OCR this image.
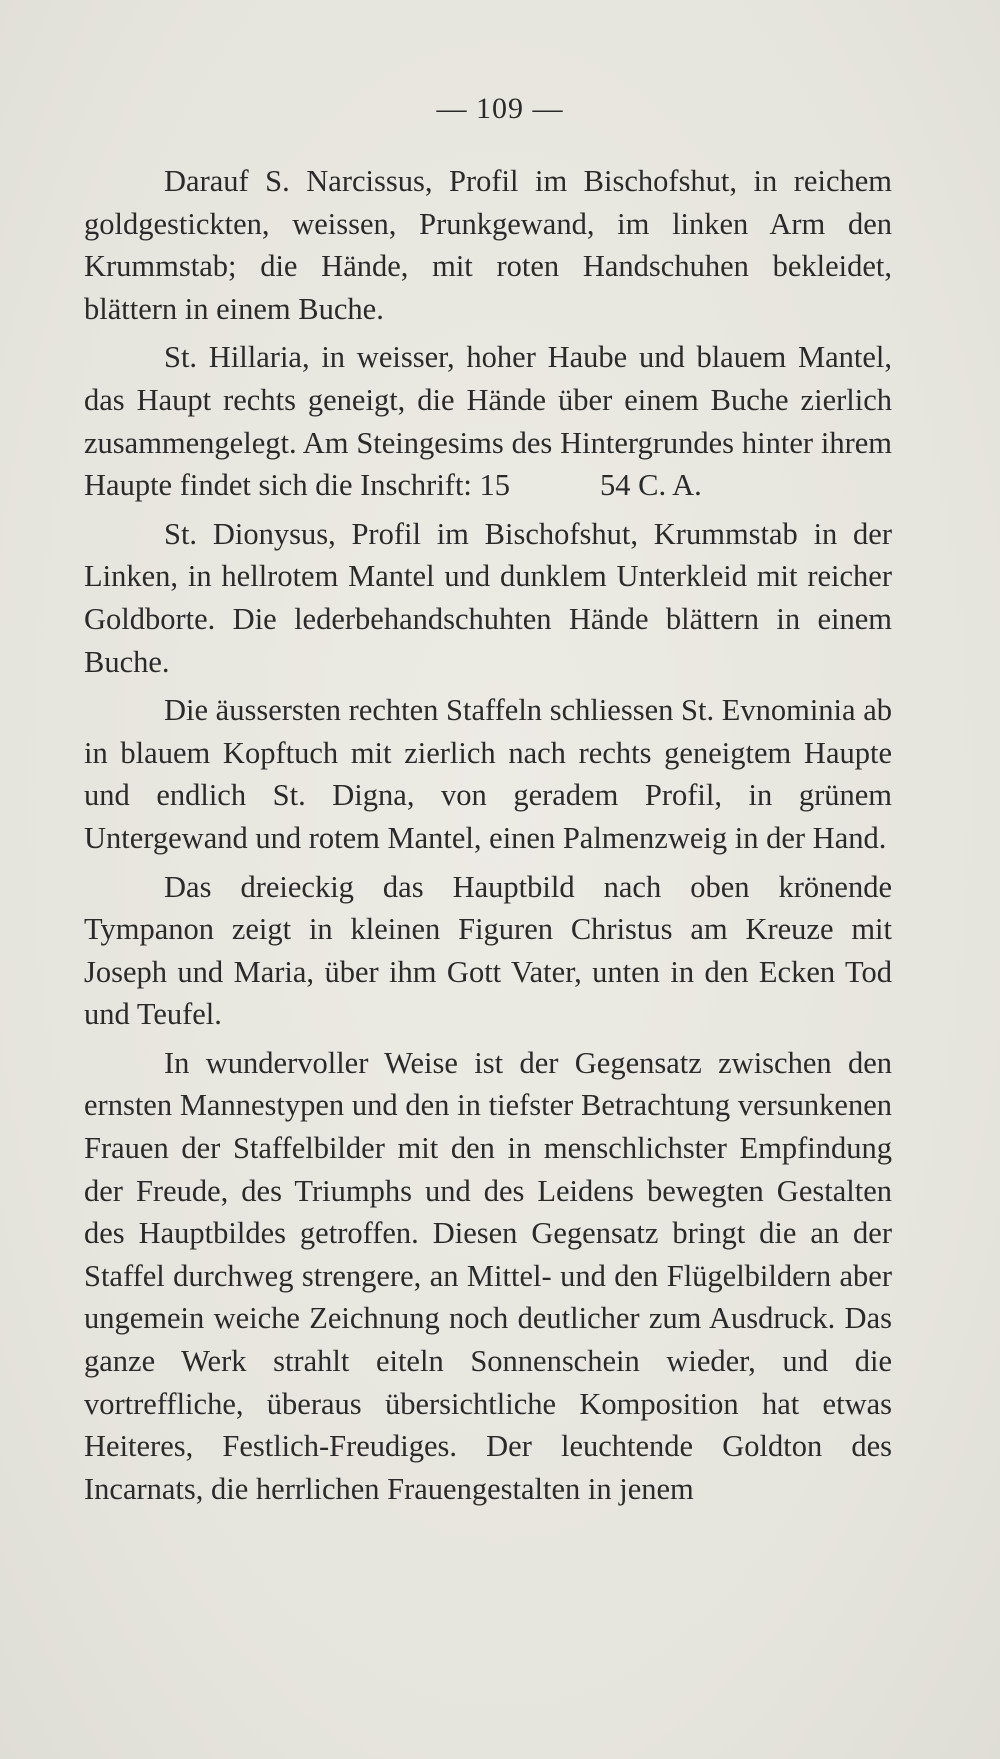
— 109 —

Darauf S. Narcissus, Profil im Bischofshut, in reichem goldgestickten, weissen, Prunkgewand, im linken Arm den Krummstab; die Hände, mit roten Handschuhen bekleidet, blättern in einem Buche.

St. Hillaria, in weisser, hoher Haube und blauem Mantel, das Haupt rechts geneigt, die Hände über einem Buche zierlich zusammengelegt. Am Steingesims des Hintergrundes hinter ihrem Haupte findet sich die Inschrift: 15	54 C. A.

St. Dionysus, Profil im Bischofshut, Krummstab in der Linken, in hellrotem Mantel und dunklem Unterkleid mit reicher Goldborte. Die lederbehandschuhten Hände blättern in einem Buche.

Die äussersten rechten Staffeln schliessen St. Evnominia ab in blauem Kopftuch mit zierlich nach rechts geneigtem Haupte und endlich St. Digna, von geradem Profil, in grünem Untergewand und rotem Mantel, einen Palmenzweig in der Hand.

Das dreieckig das Hauptbild nach oben krönende Tympanon zeigt in kleinen Figuren Christus am Kreuze mit Joseph und Maria, über ihm Gott Vater, unten in den Ecken Tod und Teufel.

In wundervoller Weise ist der Gegensatz zwischen den ernsten Mannestypen und den in tiefster Betrachtung versunkenen Frauen der Staffelbilder mit den in menschlichster Empfindung der Freude, des Triumphs und des Leidens bewegten Gestalten des Hauptbildes getroffen. Diesen Gegensatz bringt die an der Staffel durchweg strengere, an Mittel- und den Flügelbildern aber ungemein weiche Zeichnung noch deutlicher zum Ausdruck. Das ganze Werk strahlt eiteln Sonnenschein wieder, und die vortreffliche, überaus übersichtliche Komposition hat etwas Heiteres, Festlich-Freudiges. Der leuchtende Goldton des Incarnats, die herrlichen Frauengestalten in jenem
